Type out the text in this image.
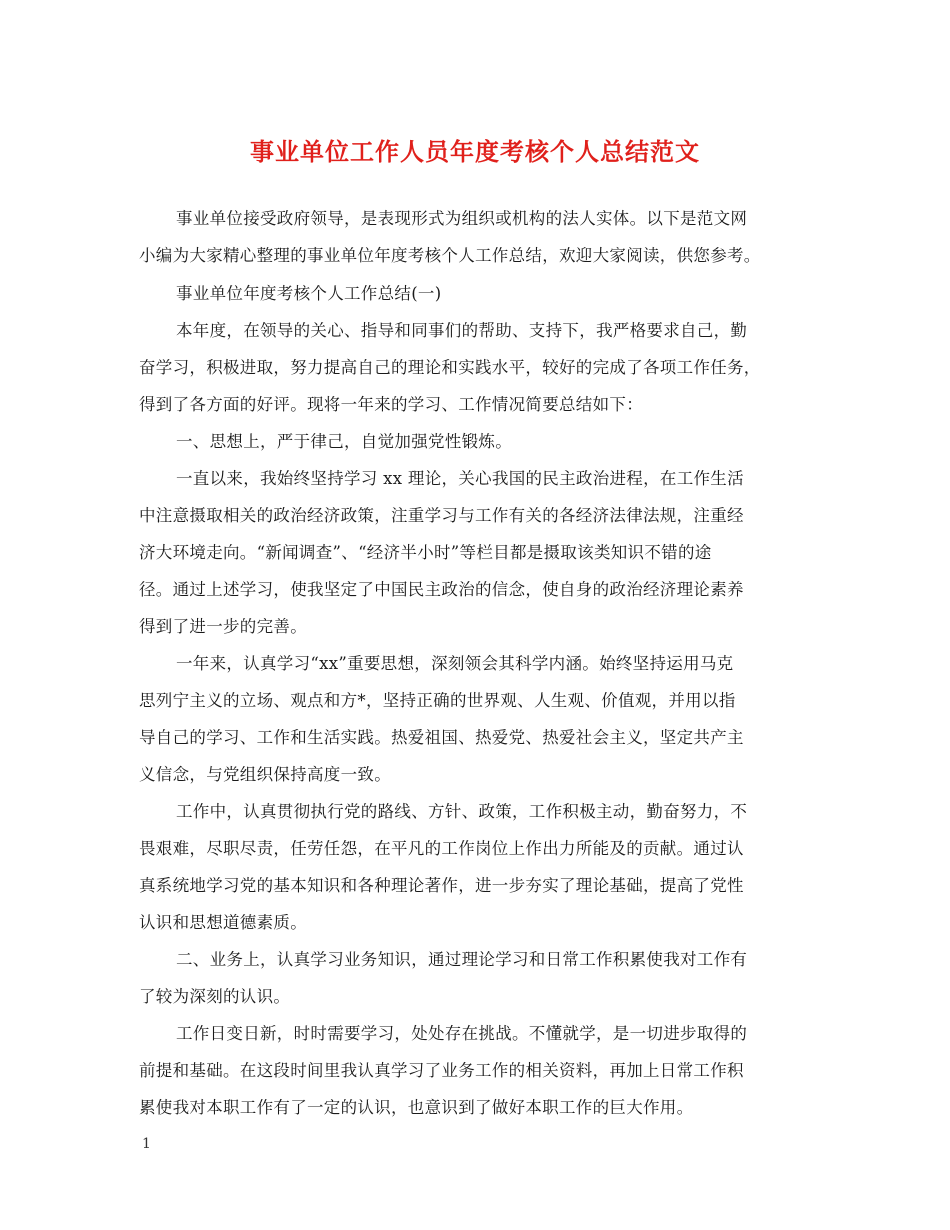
事业单位工作人员年度考核个人总结范文
事业单位接受政府领导，是表现形式为组织或机构的法人实体。以下是范文网
小编为大家精心整理的事业单位年度考核个人工作总结，欢迎大家阅读，供您参考。
事业单位年度考核个人工作总结(一)
本年度，在领导的关心、指导和同事们的帮助、支持下，我严格要求自己，勤
奋学习，积极进取，努力提高自己的理论和实践水平，较好的完成了各项工作任务，
得到了各方面的好评。现将一年来的学习、工作情况简要总结如下：
一、思想上，严于律己，自觉加强党性锻炼。
一直以来，我始终坚持学习 xx 理论，关心我国的民主政治进程，在工作生活
中注意摄取相关的政治经济政策，注重学习与工作有关的各经济法律法规，注重经
济大环境走向。“新闻调查”、“经济半小时”等栏目都是摄取该类知识不错的途
径。通过上述学习，使我坚定了中国民主政治的信念，使自身的政治经济理论素养
得到了进一步的完善。
一年来，认真学习“xx”重要思想，深刻领会其科学内涵。始终坚持运用马克
思列宁主义的立场、观点和方*，坚持正确的世界观、人生观、价值观，并用以指
导自己的学习、工作和生活实践。热爱祖国、热爱党、热爱社会主义，坚定共产主
义信念，与党组织保持高度一致。
工作中，认真贯彻执行党的路线、方针、政策，工作积极主动，勤奋努力，不
畏艰难，尽职尽责，任劳任怨，在平凡的工作岗位上作出力所能及的贡献。通过认
真系统地学习党的基本知识和各种理论著作，进一步夯实了理论基础，提高了党性
认识和思想道德素质。
二、业务上，认真学习业务知识，通过理论学习和日常工作积累使我对工作有
了较为深刻的认识。
工作日变日新，时时需要学习，处处存在挑战。不懂就学，是一切进步取得的
前提和基础。在这段时间里我认真学习了业务工作的相关资料，再加上日常工作积
累使我对本职工作有了一定的认识，也意识到了做好本职工作的巨大作用。
1
